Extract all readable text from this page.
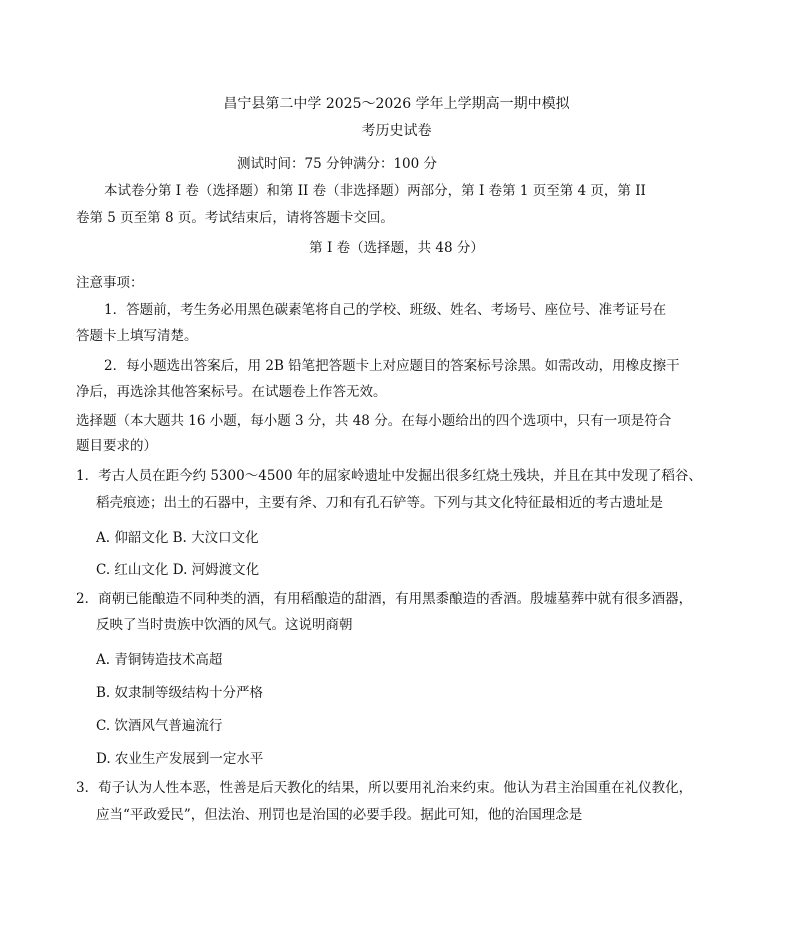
昌宁县第二中学 2025～2026 学年上学期高一期中模拟
考历史试卷
测试时间：75 分钟满分：100 分
本试卷分第 I 卷（选择题）和第 II 卷（非选择题）两部分，第 I 卷第 1 页至第 4 页，第 II
卷第 5 页至第 8 页。考试结束后，请将答题卡交回。
第 I 卷（选择题，共 48 分）
注意事项：
1．答题前，考生务必用黑色碳素笔将自己的学校、班级、姓名、考场号、座位号、准考证号在
答题卡上填写清楚。
2．每小题选出答案后，用 2B 铅笔把答题卡上对应题目的答案标号涂黑。如需改动，用橡皮擦干
净后，再选涂其他答案标号。在试题卷上作答无效。
选择题（本大题共 16 小题，每小题 3 分，共 48 分。在每小题给出的四个选项中，只有一项是符合
题目要求的）
1．考古人员在距今约 5300～4500 年的屈家岭遗址中发掘出很多红烧土残块，并且在其中发现了稻谷、
稻壳痕迹；出土的石器中，主要有斧、刀和有孔石铲等。下列与其文化特征最相近的考古遗址是
A. 仰韶文化 B. 大汶口文化
C. 红山文化 D. 河姆渡文化
2．商朝已能酿造不同种类的酒，有用稻酿造的甜酒，有用黑黍酿造的香酒。殷墟墓葬中就有很多酒器，
反映了当时贵族中饮酒的风气。这说明商朝
A. 青铜铸造技术高超
B. 奴隶制等级结构十分严格
C. 饮酒风气普遍流行
D. 农业生产发展到一定水平
3．荀子认为人性本恶，性善是后天教化的结果，所以要用礼治来约束。他认为君主治国重在礼仪教化，
应当“平政爱民”，但法治、刑罚也是治国的必要手段。据此可知，他的治国理念是
